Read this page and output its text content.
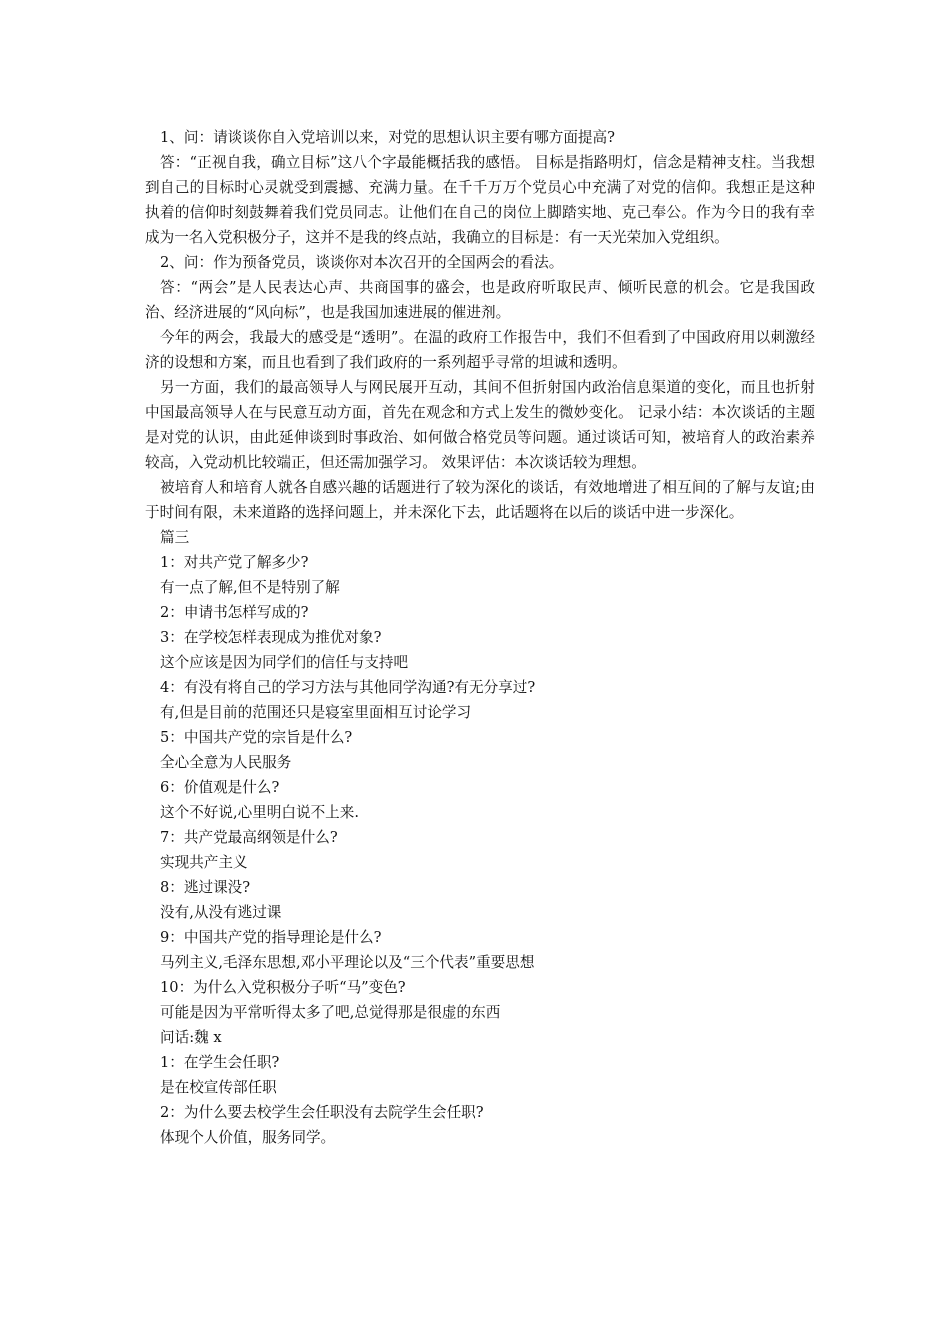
1、问：请谈谈你自入党培训以来，对党的思想认识主要有哪方面提高?

答：“正视自我，确立目标”这八个字最能概括我的感悟。 目标是指路明灯，信念是精神支柱。当我想到自己的目标时心灵就受到震撼、充满力量。在千千万万个党员心中充满了对党的信仰。我想正是这种执着的信仰时刻鼓舞着我们党员同志。让他们在自己的岗位上脚踏实地、克己奉公。作为今日的我有幸成为一名入党积极分子，这并不是我的终点站，我确立的目标是：有一天光荣加入党组织。

2、问：作为预备党员，谈谈你对本次召开的全国两会的看法。

答：“两会”是人民表达心声、共商国事的盛会，也是政府听取民声、倾听民意的机会。它是我国政治、经济进展的“风向标”，也是我国加速进展的催进剂。

今年的两会，我最大的感受是“透明”。在温的政府工作报告中，我们不但看到了中国政府用以刺激经济的设想和方案，而且也看到了我们政府的一系列超乎寻常的坦诚和透明。

另一方面，我们的最高领导人与网民展开互动，其间不但折射国内政治信息渠道的变化，而且也折射中国最高领导人在与民意互动方面，首先在观念和方式上发生的微妙变化。 记录小结：本次谈话的主题是对党的认识，由此延伸谈到时事政治、如何做合格党员等问题。通过谈话可知，被培育人的政治素养较高，入党动机比较端正，但还需加强学习。 效果评估：本次谈话较为理想。

被培育人和培育人就各自感兴趣的话题进行了较为深化的谈话，有效地增进了相互间的了解与友谊;由于时间有限，未来道路的选择问题上，并未深化下去，此话题将在以后的谈话中进一步深化。

篇三

1：对共产党了解多少?

有一点了解,但不是特别了解

2：申请书怎样写成的?

3：在学校怎样表现成为推优对象?

这个应该是因为同学们的信任与支持吧

4：有没有将自己的学习方法与其他同学沟通?有无分享过?

有,但是目前的范围还只是寝室里面相互讨论学习

5：中国共产党的宗旨是什么?

全心全意为人民服务

6：价值观是什么?

这个不好说,心里明白说不上来.

7：共产党最高纲领是什么?

实现共产主义

8：逃过课没?

没有,从没有逃过课

9：中国共产党的指导理论是什么?

马列主义,毛泽东思想,邓小平理论以及“三个代表”重要思想

10：为什么入党积极分子听“马”变色?

可能是因为平常听得太多了吧,总觉得那是很虚的东西

问话:魏 x

1：在学生会任职?

是在校宣传部任职

2：为什么要去校学生会任职没有去院学生会任职?

体现个人价值，服务同学。
